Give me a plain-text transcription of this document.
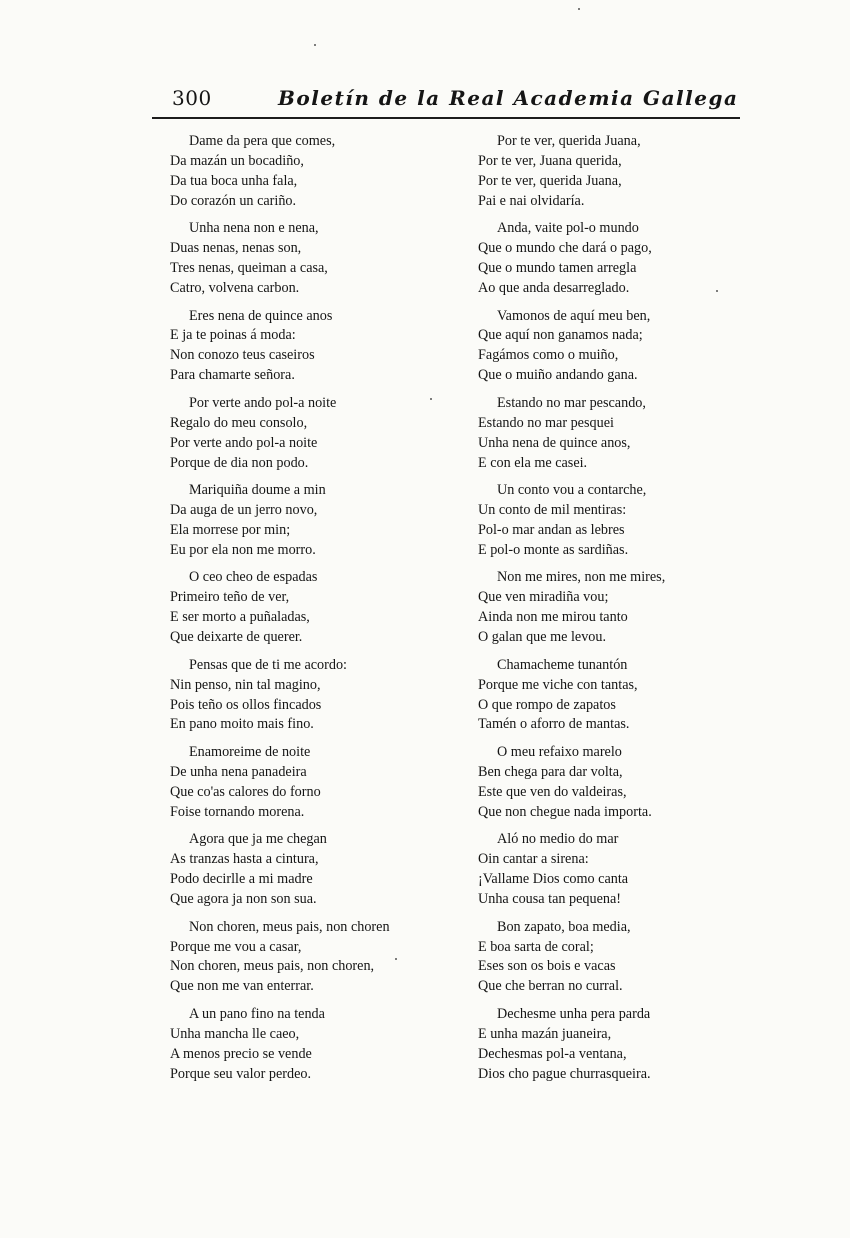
300	Boletín de la Real Academia Gallega
Dame da pera que comes,
Da mazán un bocadiño,
Da tua boca unha fala,
Do corazón un cariño.
Unha nena non e nena,
Duas nenas, nenas son,
Tres nenas, queiman a casa,
Catro, volvena carbon.
Eres nena de quince anos
E ja te poinas á moda:
Non conozo teus caseiros
Para chamarte señora.
Por verte ando pol-a noite
Regalo do meu consolo,
Por verte ando pol-a noite
Porque de dia non podo.
Mariquiña doume a min
Da auga de un jerro novo,
Ela morrese por min;
Eu por ela non me morro.
O ceo cheo de espadas
Primeiro teño de ver,
E ser morto a puñaladas,
Que deixarte de querer.
Pensas que de ti me acordo:
Nin penso, nin tal magino,
Pois teño os ollos fincados
En pano moito mais fino.
Enamoreime de noite
De unha nena panadeira
Que co'as calores do forno
Foise tornando morena.
Agora que ja me chegan
As tranzas hasta a cintura,
Podo decirlle a mi madre
Que agora ja non son sua.
Non choren, meus pais, non choren
Porque me vou a casar,
Non choren, meus pais, non choren,
Que non me van enterrar.
A un pano fino na tenda
Unha mancha lle caeo,
A menos precio se vende
Porque seu valor perdeo.
Por te ver, querida Juana,
Por te ver, Juana querida,
Por te ver, querida Juana,
Pai e nai olvidaría.
Anda, vaite pol-o mundo
Que o mundo che dará o pago,
Que o mundo tamen arregla
Ao que anda desarreglado.
Vamonos de aquí meu ben,
Que aquí non ganamos nada;
Fagámos como o muiño,
Que o muiño andando gana.
Estando no mar pescando,
Estando no mar pesquei
Unha nena de quince anos,
E con ela me casei.
Un conto vou a contarche,
Un conto de mil mentiras:
Pol-o mar andan as lebres
E pol-o monte as sardiñas.
Non me mires, non me mires,
Que ven miradiña vou;
Ainda non me mirou tanto
O galan que me levou.
Chamacheme tunantón
Porque me viche con tantas,
O que rompo de zapatos
Tamén o aforro de mantas.
O meu refaixo marelo
Ben chega para dar volta,
Este que ven do valdeiras,
Que non chegue nada importa.
Aló no medio do mar
Oin cantar a sirena:
¡Vallame Dios como canta
Unha cousa tan pequena!
Bon zapato, boa media,
E boa sarta de coral;
Eses son os bois e vacas
Que che berran no curral.
Dechesme unha pera parda
E unha mazán juaneira,
Dechesmas pol-a ventana,
Dios cho pague churrasqueira.
